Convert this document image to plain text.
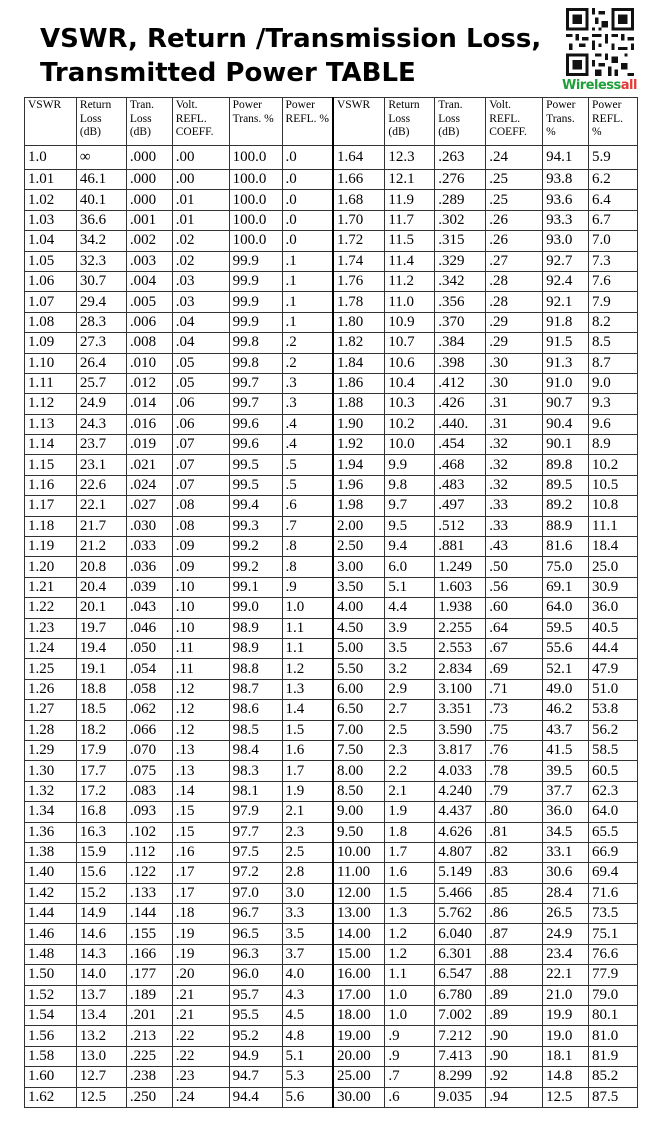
VSWR, Return /Transmission Loss,
Transmitted Power TABLE	Wirelessall
VSWR	Return Loss (dB)	Tran. Loss (dB)	Volt. REFL. COEFF.	Power Trans. %	Power REFL. %	VSWR	Return Loss (dB)	Tran. Loss (dB)	Volt. REFL. COEFF.	Power Trans. %	Power REFL. %
1.0	∞	.000	.00	100.0	.0	1.64	12.3	.263	.24	94.1	5.9
1.01	46.1	.000	.00	100.0	.0	1.66	12.1	.276	.25	93.8	6.2
1.02	40.1	.000	.01	100.0	.0	1.68	11.9	.289	.25	93.6	6.4
1.03	36.6	.001	.01	100.0	.0	1.70	11.7	.302	.26	93.3	6.7
1.04	34.2	.002	.02	100.0	.0	1.72	11.5	.315	.26	93.0	7.0
1.05	32.3	.003	.02	99.9	.1	1.74	11.4	.329	.27	92.7	7.3
1.06	30.7	.004	.03	99.9	.1	1.76	11.2	.342	.28	92.4	7.6
1.07	29.4	.005	.03	99.9	.1	1.78	11.0	.356	.28	92.1	7.9
1.08	28.3	.006	.04	99.9	.1	1.80	10.9	.370	.29	91.8	8.2
1.09	27.3	.008	.04	99.8	.2	1.82	10.7	.384	.29	91.5	8.5
1.10	26.4	.010	.05	99.8	.2	1.84	10.6	.398	.30	91.3	8.7
1.11	25.7	.012	.05	99.7	.3	1.86	10.4	.412	.30	91.0	9.0
1.12	24.9	.014	.06	99.7	.3	1.88	10.3	.426	.31	90.7	9.3
1.13	24.3	.016	.06	99.6	.4	1.90	10.2	.440.	.31	90.4	9.6
1.14	23.7	.019	.07	99.6	.4	1.92	10.0	.454	.32	90.1	8.9
1.15	23.1	.021	.07	99.5	.5	1.94	9.9	.468	.32	89.8	10.2
1.16	22.6	.024	.07	99.5	.5	1.96	9.8	.483	.32	89.5	10.5
1.17	22.1	.027	.08	99.4	.6	1.98	9.7	.497	.33	89.2	10.8
1.18	21.7	.030	.08	99.3	.7	2.00	9.5	.512	.33	88.9	11.1
1.19	21.2	.033	.09	99.2	.8	2.50	9.4	.881	.43	81.6	18.4
1.20	20.8	.036	.09	99.2	.8	3.00	6.0	1.249	.50	75.0	25.0
1.21	20.4	.039	.10	99.1	.9	3.50	5.1	1.603	.56	69.1	30.9
1.22	20.1	.043	.10	99.0	1.0	4.00	4.4	1.938	.60	64.0	36.0
1.23	19.7	.046	.10	98.9	1.1	4.50	3.9	2.255	.64	59.5	40.5
1.24	19.4	.050	.11	98.9	1.1	5.00	3.5	2.553	.67	55.6	44.4
1.25	19.1	.054	.11	98.8	1.2	5.50	3.2	2.834	.69	52.1	47.9
1.26	18.8	.058	.12	98.7	1.3	6.00	2.9	3.100	.71	49.0	51.0
1.27	18.5	.062	.12	98.6	1.4	6.50	2.7	3.351	.73	46.2	53.8
1.28	18.2	.066	.12	98.5	1.5	7.00	2.5	3.590	.75	43.7	56.2
1.29	17.9	.070	.13	98.4	1.6	7.50	2.3	3.817	.76	41.5	58.5
1.30	17.7	.075	.13	98.3	1.7	8.00	2.2	4.033	.78	39.5	60.5
1.32	17.2	.083	.14	98.1	1.9	8.50	2.1	4.240	.79	37.7	62.3
1.34	16.8	.093	.15	97.9	2.1	9.00	1.9	4.437	.80	36.0	64.0
1.36	16.3	.102	.15	97.7	2.3	9.50	1.8	4.626	.81	34.5	65.5
1.38	15.9	.112	.16	97.5	2.5	10.00	1.7	4.807	.82	33.1	66.9
1.40	15.6	.122	.17	97.2	2.8	11.00	1.6	5.149	.83	30.6	69.4
1.42	15.2	.133	.17	97.0	3.0	12.00	1.5	5.466	.85	28.4	71.6
1.44	14.9	.144	.18	96.7	3.3	13.00	1.3	5.762	.86	26.5	73.5
1.46	14.6	.155	.19	96.5	3.5	14.00	1.2	6.040	.87	24.9	75.1
1.48	14.3	.166	.19	96.3	3.7	15.00	1.2	6.301	.88	23.4	76.6
1.50	14.0	.177	.20	96.0	4.0	16.00	1.1	6.547	.88	22.1	77.9
1.52	13.7	.189	.21	95.7	4.3	17.00	1.0	6.780	.89	21.0	79.0
1.54	13.4	.201	.21	95.5	4.5	18.00	1.0	7.002	.89	19.9	80.1
1.56	13.2	.213	.22	95.2	4.8	19.00	.9	7.212	.90	19.0	81.0
1.58	13.0	.225	.22	94.9	5.1	20.00	.9	7.413	.90	18.1	81.9
1.60	12.7	.238	.23	94.7	5.3	25.00	.7	8.299	.92	14.8	85.2
1.62	12.5	.250	.24	94.4	5.6	30.00	.6	9.035	.94	12.5	87.5
